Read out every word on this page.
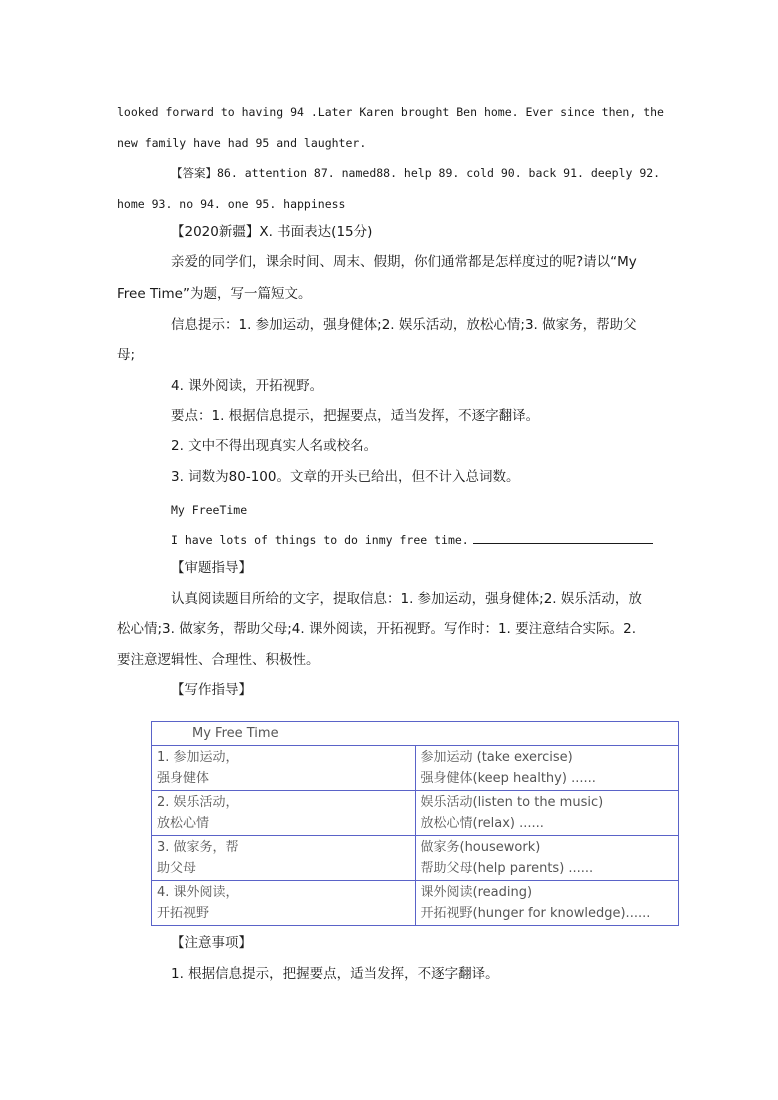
looked forward to having 94 .Later Karen brought Ben home. Ever since then, the
new family have had 95 and laughter.
【答案】86. attention 87. named88. help 89. cold 90. back 91. deeply 92.
home 93. no 94. one 95. happiness
【2020新疆】X. 书面表达(15分)
亲爱的同学们，课余时间、周末、假期，你们通常都是怎样度过的呢?请以“My
Free Time”为题，写一篇短文。
信息提示：1. 参加运动，强身健体;2. 娱乐活动，放松心情;3. 做家务，帮助父
母;
4. 课外阅读，开拓视野。
要点：1. 根据信息提示，把握要点，适当发挥，不逐字翻译。
2. 文中不得出现真实人名或校名。
3. 词数为80-100。文章的开头已给出，但不计入总词数。
My FreeTime
I have lots of things to do inmy free time.
【审题指导】
认真阅读题目所给的文字，提取信息：1. 参加运动，强身健体;2. 娱乐活动，放
松心情;3. 做家务，帮助父母;4. 课外阅读，开拓视野。写作时：1. 要注意结合实际。2.
要注意逻辑性、合理性、积极性。
【写作指导】
My Free Time	

1. 参加运动，
强身健体	参加运动 (take exercise)
强身健体(keep healthy) ......

2. 娱乐活动，
放松心情	娱乐活动(listen to the music)
放松心情(relax) ......

3. 做家务，帮
助父母	做家务(housework)
帮助父母(help parents) ......

4. 课外阅读，
开拓视野	课外阅读(reading)
开拓视野(hunger for knowledge)......
【注意事项】
1. 根据信息提示，把握要点，适当发挥，不逐字翻译。
